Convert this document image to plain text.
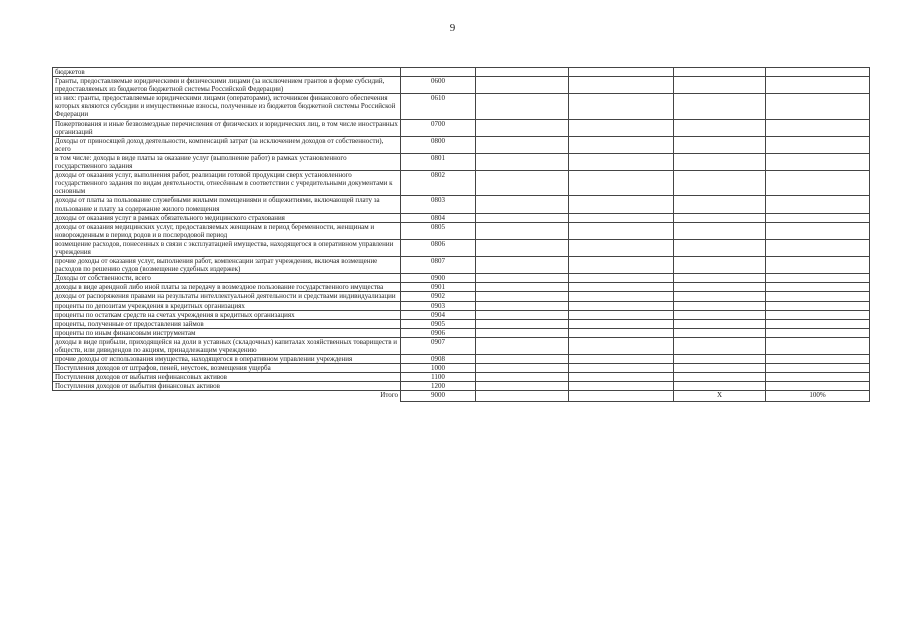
9
бюджетов					
Гранты, предоставляемые юридическими и физическими лицами (за исключением грантов в форме субсидий, предоставляемых из бюджетов бюджетной системы Российской Федерации)	0600				
из них: гранты, предоставляемые юридическими лицами (операторами), источником финансового обеспечения которых являются субсидии и имущественные взносы, полученные из бюджетов бюджетной системы Российской Федерации	0610				
Пожертвования и иные безвозмездные перечисления от физических и юридических лиц, в том числе иностранных организаций	0700				
Доходы от приносящей доход деятельности, компенсаций затрат (за исключением доходов от собственности), всего	0800				
в том числе: доходы в виде платы за оказание услуг (выполнение работ) в рамках установленного государственного задания	0801				
доходы от оказания услуг, выполнения работ, реализации готовой продукции сверх установленного государственного задания по видам деятельности, отнесённым в соответствии с учредительными документами к основным	0802				
доходы от платы за пользование служебными жилыми помещениями и общежитиями, включающей плату за пользование и плату за содержание жилого помещения	0803				
доходы от оказания услуг в рамках обязательного медицинского страхования	0804				
доходы от оказания медицинских услуг, предоставляемых женщинам в период беременности, женщинам и новорожденным в период родов и в послеродовой период	0805				
возмещение расходов, понесенных в связи с эксплуатацией имущества, находящегося в оперативном управлении учреждения	0806				
прочие доходы от оказания услуг, выполнения работ, компенсации затрат учреждения, включая возмещение расходов по решению судов (возмещение судебных издержек)	0807				
Доходы от собственности, всего	0900				
доходы в виде арендной либо иной платы за передачу в возмездное пользование государственного имущества	0901				
доходы от распоряжения правами на результаты интеллектуальной деятельности и средствами индивидуализации	0902				
проценты по депозитам учреждения в кредитных организациях	0903				
проценты по остаткам средств на счетах учреждения в кредитных организациях	0904				
проценты, полученные от предоставления займов	0905				
проценты по иным финансовым инструментам	0906				
доходы в виде прибыли, приходящейся на доли в уставных (складочных) капиталах хозяйственных товариществ и обществ, или дивидендов по акциям, принадлежащим учреждению	0907				
прочие доходы от использования имущества, находящегося в оперативном управлении учреждения	0908				
Поступления доходов от штрафов, пеней, неустоек, возмещения ущерба	1000				
Поступления доходов от выбытия нефинансовых активов	1100				
Поступления доходов от выбытия финансовых активов	1200				
Итого	9000			X	100%
